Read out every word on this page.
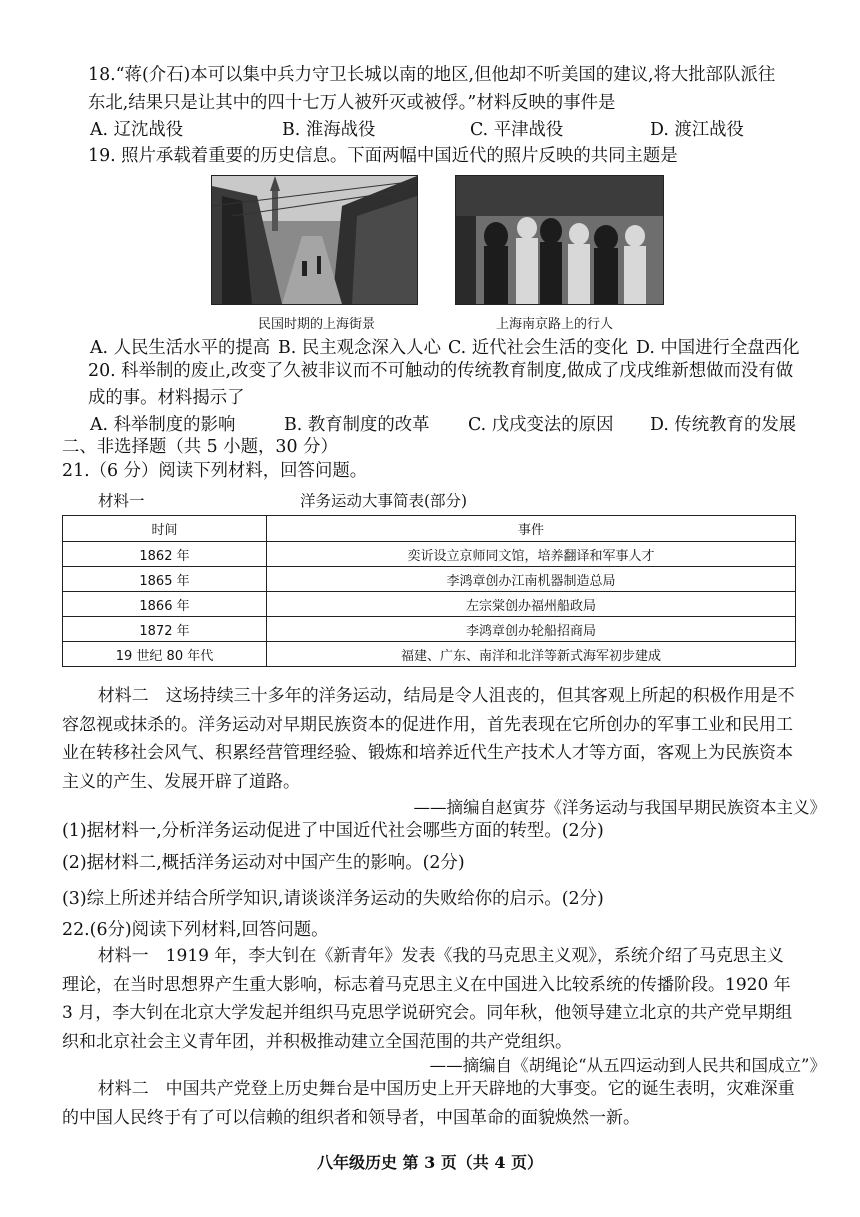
18.“蒋(介石)本可以集中兵力守卫长城以南的地区,但他却不听美国的建议,将大批部队派往
东北,结果只是让其中的四十七万人被歼灭或被俘。”材料反映的事件是
A. 辽沈战役	B. 淮海战役	C. 平津战役	D. 渡江战役
19. 照片承载着重要的历史信息。下面两幅中国近代的照片反映的共同主题是
民国时期的上海街景	上海南京路上的行人
A. 人民生活水平的提高 B. 民主观念深入人心 C. 近代社会生活的变化 D. 中国进行全盘西化
20. 科举制的废止,改变了久被非议而不可触动的传统教育制度,做成了戊戌维新想做而没有做
成的事。材料揭示了
A. 科举制度的影响	B. 教育制度的改革 C. 戊戌变法的原因 D. 传统教育的发展
二、非选择题（共 5 小题，30 分）
21.（6 分）阅读下列材料，回答问题。
材料一	洋务运动大事简表(部分)
时间	事件
1862 年	奕䜣设立京师同文馆，培养翻译和军事人才
1865 年	李鸿章创办江南机器制造总局
1866 年	左宗棠创办福州船政局
1872 年	李鸿章创办轮船招商局
19 世纪 80 年代	福建、广东、南洋和北洋等新式海军初步建成

材料二　这场持续三十多年的洋务运动，结局是令人沮丧的，但其客观上所起的积极作用是不容忽视或抹杀的。洋务运动对早期民族资本的促进作用，首先表现在它所创办的军事工业和民用工业在转移社会风气、积累经营管理经验、锻炼和培养近代生产技术人才等方面，客观上为民族资本主义的产生、发展开辟了道路。

——摘编自赵寅芬《洋务运动与我国早期民族资本主义》
(1)据材料一,分析洋务运动促进了中国近代社会哪些方面的转型。(2分)
(2)据材料二,概括洋务运动对中国产生的影响。(2分)
(3)综上所述并结合所学知识,请谈谈洋务运动的失败给你的启示。(2分)
22.(6分)阅读下列材料,回答问题。

材料一　1919 年，李大钊在《新青年》发表《我的马克思主义观》，系统介绍了马克思主义理论，在当时思想界产生重大影响，标志着马克思主义在中国进入比较系统的传播阶段。1920 年3 月，李大钊在北京大学发起并组织马克思学说研究会。同年秋，他领导建立北京的共产党早期组织和北京社会主义青年团，并积极推动建立全国范围的共产党组织。

——摘编自《胡绳论“从五四运动到人民共和国成立”》

材料二　中国共产党登上历史舞台是中国历史上开天辟地的大事变。它的诞生表明，灾难深重的中国人民终于有了可以信赖的组织者和领导者，中国革命的面貌焕然一新。

八年级历史 第 3 页（共 4 页）
